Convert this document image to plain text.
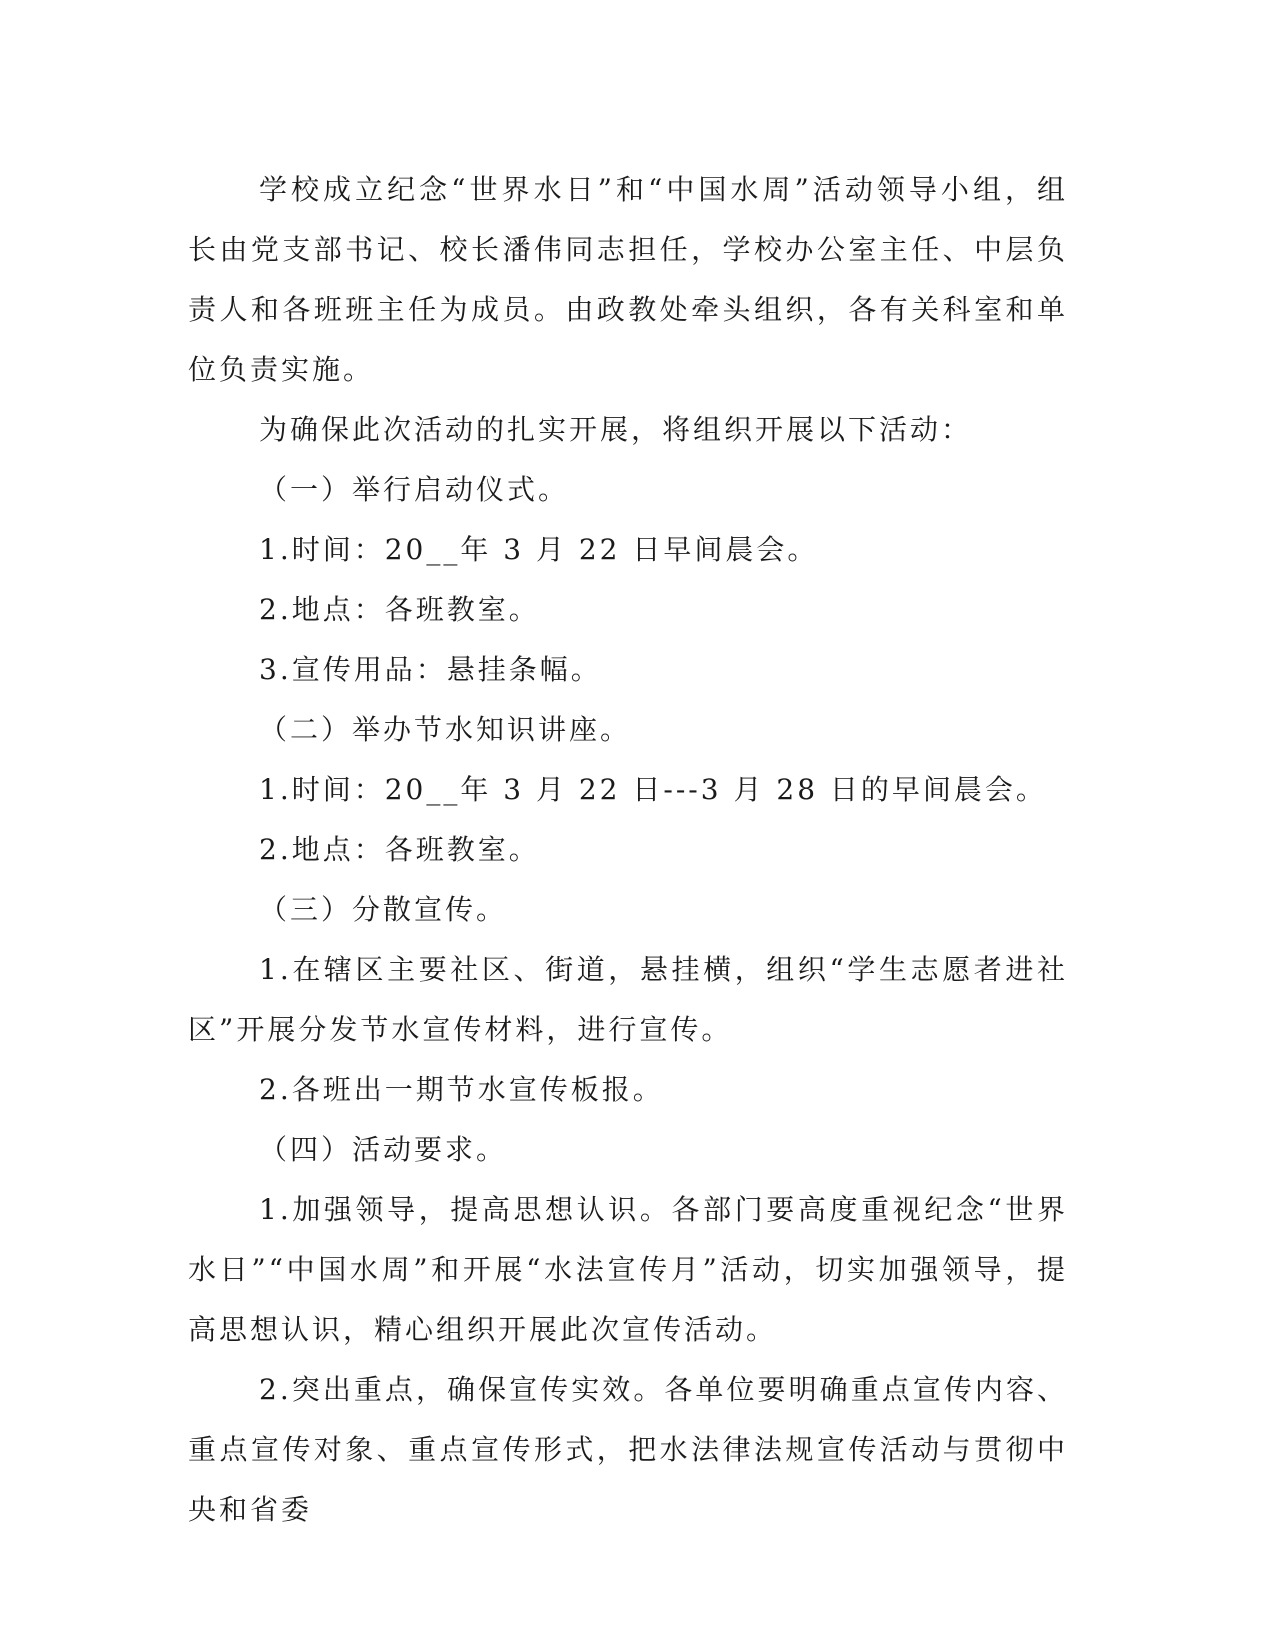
学校成立纪念“世界水日”和“中国水周”活动领导小组，组长由党支部书记、校长潘伟同志担任，学校办公室主任、中层负责人和各班班主任为成员。由政教处牵头组织，各有关科室和单位负责实施。

为确保此次活动的扎实开展，将组织开展以下活动：

（一）举行启动仪式。

1.时间：20__年 3 月 22 日早间晨会。

2.地点：各班教室。

3.宣传用品：悬挂条幅。

（二）举办节水知识讲座。

1.时间：20__年 3 月 22 日---3 月 28 日的早间晨会。

2.地点：各班教室。

（三）分散宣传。

1.在辖区主要社区、街道，悬挂横，组织“学生志愿者进社区”开展分发节水宣传材料，进行宣传。

2.各班出一期节水宣传板报。

（四）活动要求。

1.加强领导，提高思想认识。各部门要高度重视纪念“世界水日”“中国水周”和开展“水法宣传月”活动，切实加强领导，提高思想认识，精心组织开展此次宣传活动。

2.突出重点，确保宣传实效。各单位要明确重点宣传内容、重点宣传对象、重点宣传形式，把水法律法规宣传活动与贯彻中央和省委
